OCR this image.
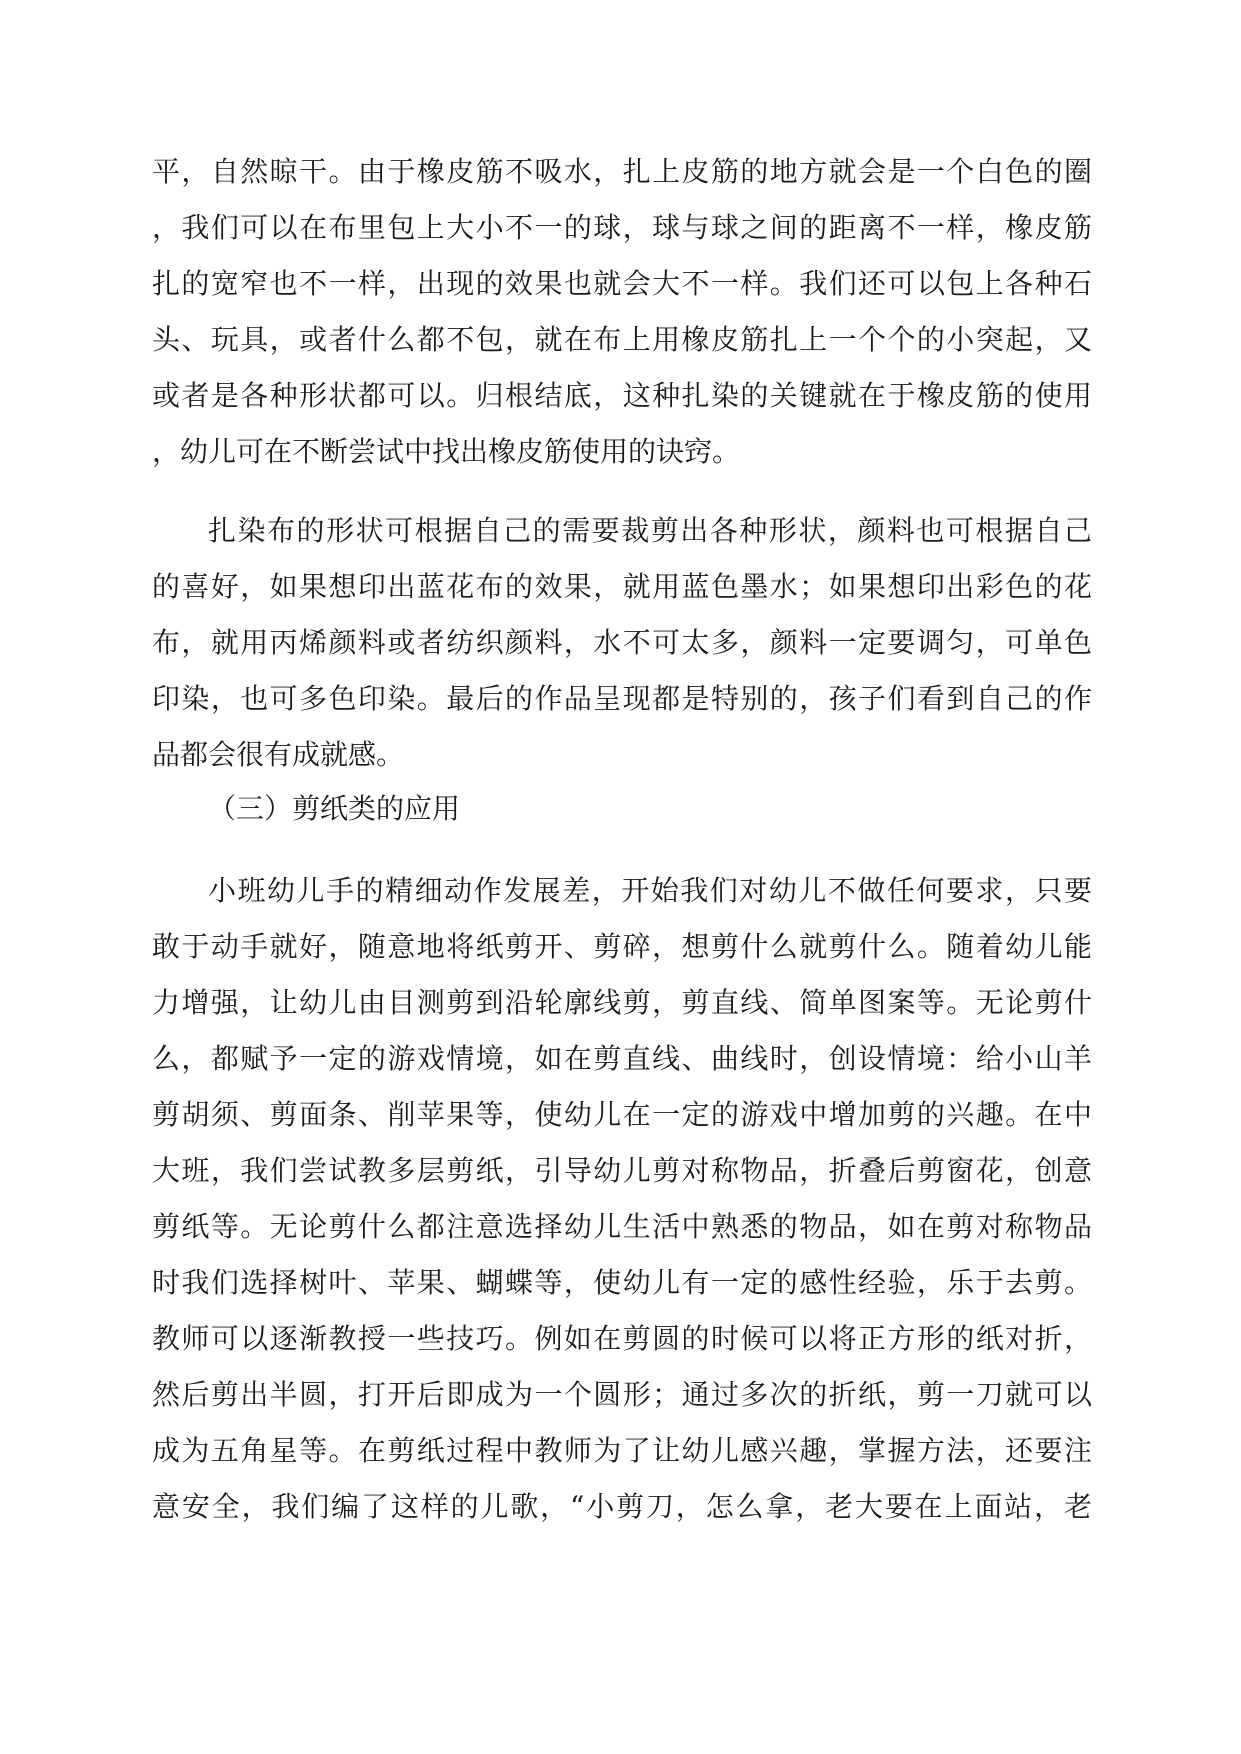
平，自然晾干。由于橡皮筋不吸水，扎上皮筋的地方就会是一个白色的圈
，我们可以在布里包上大小不一的球，球与球之间的距离不一样，橡皮筋
扎的宽窄也不一样，出现的效果也就会大不一样。我们还可以包上各种石
头、玩具，或者什么都不包，就在布上用橡皮筋扎上一个个的小突起，又
或者是各种形状都可以。归根结底，这种扎染的关键就在于橡皮筋的使用
，幼儿可在不断尝试中找出橡皮筋使用的诀窍。
扎染布的形状可根据自己的需要裁剪出各种形状，颜料也可根据自己
的喜好，如果想印出蓝花布的效果，就用蓝色墨水；如果想印出彩色的花
布，就用丙烯颜料或者纺织颜料，水不可太多，颜料一定要调匀，可单色
印染，也可多色印染。最后的作品呈现都是特别的，孩子们看到自己的作
品都会很有成就感。
（三）剪纸类的应用
小班幼儿手的精细动作发展差，开始我们对幼儿不做任何要求，只要
敢于动手就好，随意地将纸剪开、剪碎，想剪什么就剪什么。随着幼儿能
力增强，让幼儿由目测剪到沿轮廓线剪，剪直线、简单图案等。无论剪什
么，都赋予一定的游戏情境，如在剪直线、曲线时，创设情境：给小山羊
剪胡须、剪面条、削苹果等，使幼儿在一定的游戏中增加剪的兴趣。在中
大班，我们尝试教多层剪纸，引导幼儿剪对称物品，折叠后剪窗花，创意
剪纸等。无论剪什么都注意选择幼儿生活中熟悉的物品，如在剪对称物品
时我们选择树叶、苹果、蝴蝶等，使幼儿有一定的感性经验，乐于去剪。
教师可以逐渐教授一些技巧。例如在剪圆的时候可以将正方形的纸对折，
然后剪出半圆，打开后即成为一个圆形；通过多次的折纸，剪一刀就可以
成为五角星等。在剪纸过程中教师为了让幼儿感兴趣，掌握方法，还要注
意安全，我们编了这样的儿歌，“小剪刀，怎么拿，老大要在上面站，老
